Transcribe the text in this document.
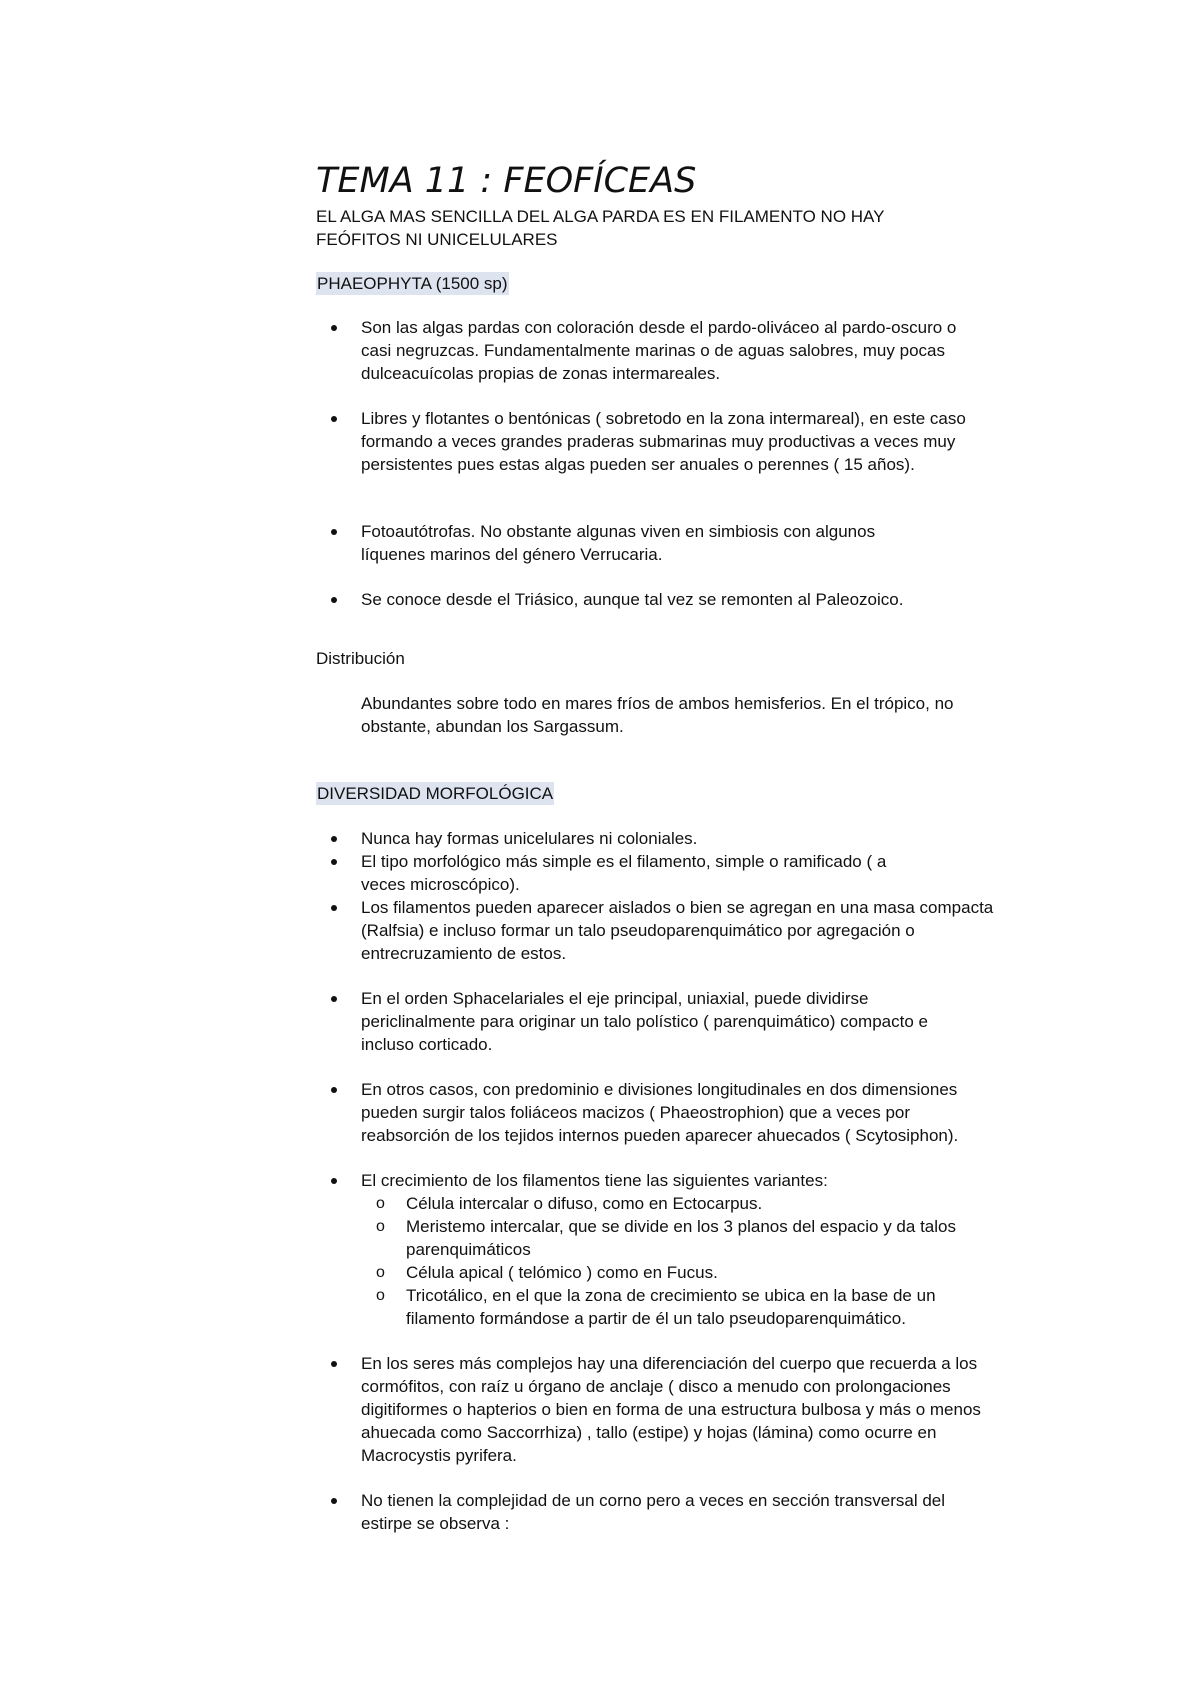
TEMA 11 : FEOFÍCEAS

EL ALGA MAS SENCILLA DEL ALGA PARDA ES EN FILAMENTO NO HAY FEÓFITOS NI UNICELULARES

PHAEOPHYTA (1500 sp)
Son las algas pardas con coloración desde el pardo-oliváceo al pardo-oscuro o casi negruzcas. Fundamentalmente marinas o de aguas salobres, muy pocas dulceacuícolas propias de zonas intermareales.
Libres y flotantes o bentónicas ( sobretodo en la zona intermareal), en este caso formando a veces grandes praderas submarinas muy productivas a veces muy persistentes pues estas algas pueden ser anuales o perennes ( 15 años).
Fotoautótrofas. No obstante algunas viven en simbiosis con algunos líquenes marinos del género Verrucaria.
Se conoce desde el Triásico, aunque tal vez se remonten al Paleozoico.
Distribución
Abundantes sobre todo en mares fríos de ambos hemisferios. En el trópico, no obstante, abundan los Sargassum.
DIVERSIDAD MORFOLÓGICA
Nunca hay formas unicelulares ni coloniales.
El tipo morfológico más simple es el filamento, simple o ramificado ( a veces microscópico).
Los filamentos pueden aparecer aislados o bien se agregan en una masa compacta (Ralfsia) e incluso formar un talo pseudoparenquimático por agregación o entrecruzamiento de estos.
En el orden Sphacelariales el eje principal, uniaxial, puede dividirse periclinalmente para originar un talo polístico ( parenquimático) compacto e incluso corticado.
En otros casos, con predominio e divisiones longitudinales en dos dimensiones pueden surgir talos foliáceos macizos ( Phaeostrophion) que a veces por reabsorción de los tejidos internos pueden aparecer ahuecados ( Scytosiphon).
El crecimiento de los filamentos tiene las siguientes variantes:
o Célula intercalar o difuso, como en Ectocarpus.
o Meristemo intercalar, que se divide en los 3 planos del espacio y da talos parenquimáticos
o Célula apical ( telómico ) como en Fucus.
o Tricotálico, en el que la zona de crecimiento se ubica en la base de un filamento formándose a partir de él un talo pseudoparenquimático.
En los seres más complejos hay una diferenciación del cuerpo que recuerda a los cormófitos, con raíz u órgano de anclaje ( disco a menudo con prolongaciones digitiformes o hapterios o bien en forma de una estructura bulbosa y más o menos ahuecada como Saccorrhiza) , tallo (estipe) y hojas (lámina) como ocurre en Macrocystis pyrifera.
No tienen la complejidad de un corno pero a veces en sección transversal del estirpe se observa :
